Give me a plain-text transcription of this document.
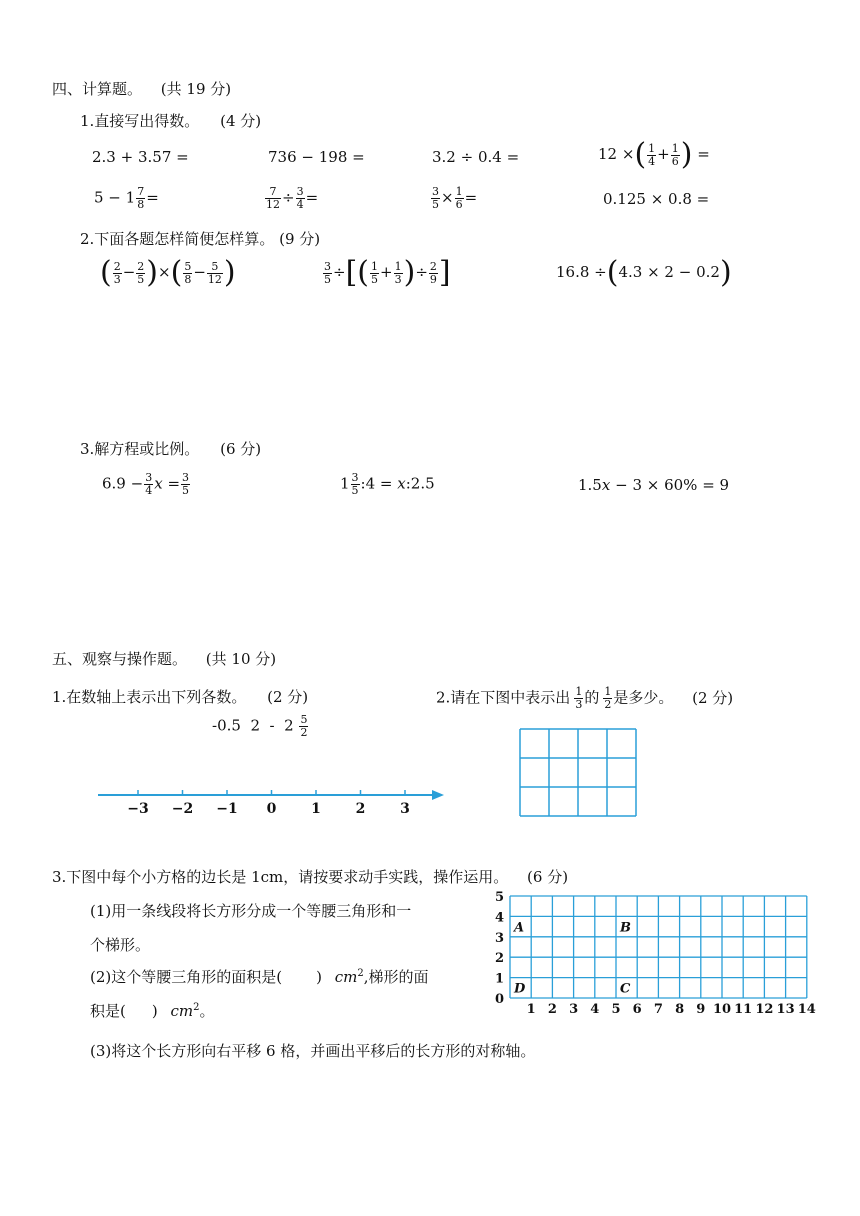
四、计算题。 (共 19 分)
1.直接写出得数。 (4 分)
2.3 + 3.57 =	736 − 198 =	3.2 ÷ 0.4 =	12 ×( $\frac{1}{4} + \frac{1}{6}$ ) =
$5 - 1 \frac{7}{8}$ =	$\frac{7}{12} \div \frac{3}{4}$ =	$\frac{3}{5} \times \frac{1}{6}$ =	0.125 × 0.8 =
2.下面各题怎样简便怎样算。 (9 分)
( $\frac{2}{3} - \frac{2}{5}$ )×( $\frac{5}{8} - \frac{5}{12}$ )	$\frac{3}{5}$ ÷[( $\frac{1}{5} + \frac{1}{3}$ )÷ $\frac{2}{9}$ ]	16.8 ÷(4.3 × 2 − 0.2)
3.解方程或比例。 (6 分)
$6.9 - \frac{3}{4}$ $x = \frac{3}{5}$	$1 \frac{3}{5}$ :4 = x:2.5	1.5x − 3 × 60% = 9
五、观察与操作题。 (共 10 分)
1.在数轴上表示出下列各数。 (2 分)
-0.5  $2 - 2 \frac{5}{2}$
−3 −2 −1 0 1 2 3
2.请在下图中表示出 $\frac{1}{3}$ 的 $\frac{1}{2}$ 是多少。 (2 分)
3.下图中每个小方格的边长是 1cm，请按要求动手实践，操作运用。 (6 分)
(1)用一条线段将长方形分成一个等腰三角形和一
个梯形。
(2)这个等腰三角形的面积是( ) $cm^2$,梯形的面
积是( ) $cm^2$。
(3)将这个长方形向右平移 6 格，并画出平移后的长方形的对称轴。
1 2 3 4 5 6 7 8 9 10 11 12 13 14
0
1
2
3
4
5
A	B
C
D
